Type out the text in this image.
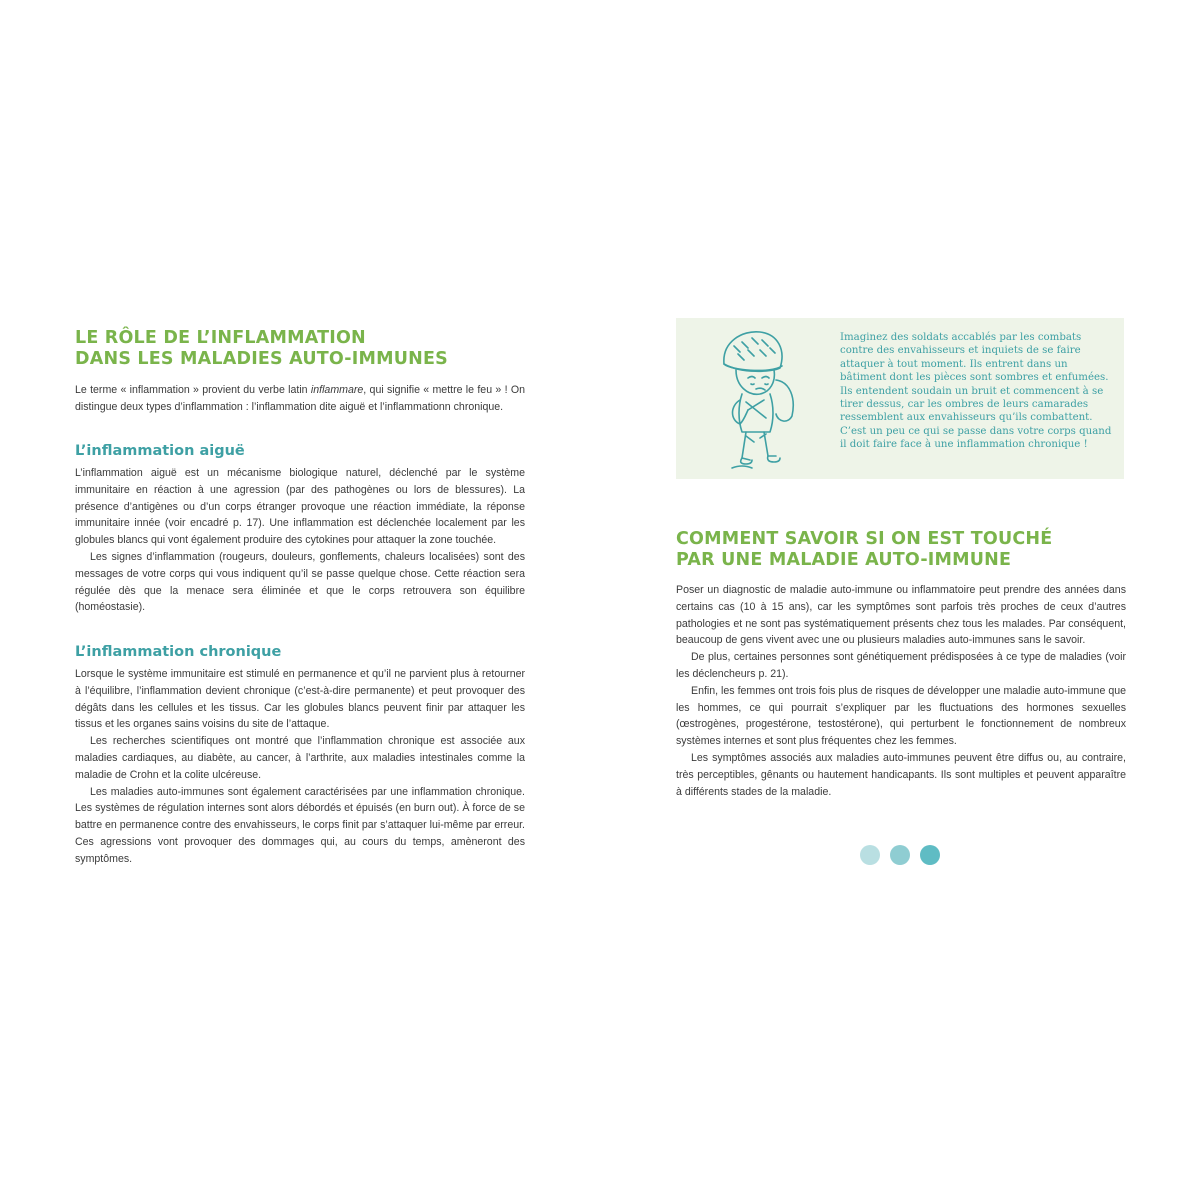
LE RÔLE DE L’INFLAMMATION

DANS LES MALADIES AUTO-IMMUNES

Le terme « inflammation » provient du verbe latin inflammare, qui signifie « mettre le feu » ! On distingue deux types d’inflammation : l’inflammation dite aiguë et l’inflammationn chronique.

L’inflammation aiguë

L’inflammation aiguë est un mécanisme biologique naturel, déclenché par le système immunitaire en réaction à une agression (par des pathogènes ou lors de blessures). La présence d’antigènes ou d’un corps étranger provoque une réaction immédiate, la réponse immunitaire innée (voir encadré p. 17). Une inflammation est déclenchée localement par les globules blancs qui vont également produire des cytokines pour attaquer la zone touchée.

Les signes d’inflammation (rougeurs, douleurs, gonflements, chaleurs localisées) sont des messages de votre corps qui vous indiquent qu’il se passe quelque chose. Cette réaction sera régulée dès que la menace sera éliminée et que le corps retrouvera son équilibre (homéostasie).

L’inflammation chronique

Lorsque le système immunitaire est stimulé en permanence et qu’il ne parvient plus à retourner à l’équilibre, l’inflammation devient chronique (c’est-à-dire permanente) et peut provoquer des dégâts dans les cellules et les tissus. Car les globules blancs peuvent finir par attaquer les tissus et les organes sains voisins du site de l’attaque.

Les recherches scientifiques ont montré que l’inflammation chronique est associée aux maladies cardiaques, au diabète, au cancer, à l’arthrite, aux maladies intestinales comme la maladie de Crohn et la colite ulcéreuse.

Les maladies auto-immunes sont également caractérisées par une inflammation chronique. Les systèmes de régulation internes sont alors débordés et épuisés (en burn out). À force de se battre en permanence contre des envahisseurs, le corps finit par s’attaquer lui-même par erreur. Ces agressions vont provoquer des dommages qui, au cours du temps, amèneront des symptômes.

Imaginez des soldats accablés par les combats contre des envahisseurs et inquiets de se faire attaquer à tout moment. Ils entrent dans un bâtiment dont les pièces sont sombres et enfumées. Ils entendent soudain un bruit et commencent à se tirer dessus, car les ombres de leurs camarades ressemblent aux envahisseurs qu’ils combattent. C’est un peu ce qui se passe dans votre corps quand il doit faire face à une inflammation chronique !

COMMENT SAVOIR SI ON EST TOUCHÉ

PAR UNE MALADIE AUTO-IMMUNE

Poser un diagnostic de maladie auto-immune ou inflammatoire peut prendre des années dans certains cas (10 à 15 ans), car les symptômes sont parfois très proches de ceux d’autres pathologies et ne sont pas systématiquement présents chez tous les malades. Par conséquent, beaucoup de gens vivent avec une ou plusieurs maladies auto-immunes sans le savoir.

De plus, certaines personnes sont génétiquement prédisposées à ce type de maladies (voir les déclencheurs p. 21).

Enfin, les femmes ont trois fois plus de risques de développer une maladie auto-immune que les hommes, ce qui pourrait s’expliquer par les fluctuations des hormones sexuelles (œstrogènes, progestérone, testostérone), qui perturbent le fonctionnement de nombreux systèmes internes et sont plus fréquentes chez les femmes.

Les symptômes associés aux maladies auto-immunes peuvent être diffus ou, au contraire, très perceptibles, gênants ou hautement handicapants. Ils sont multiples et peuvent apparaître à différents stades de la maladie.
